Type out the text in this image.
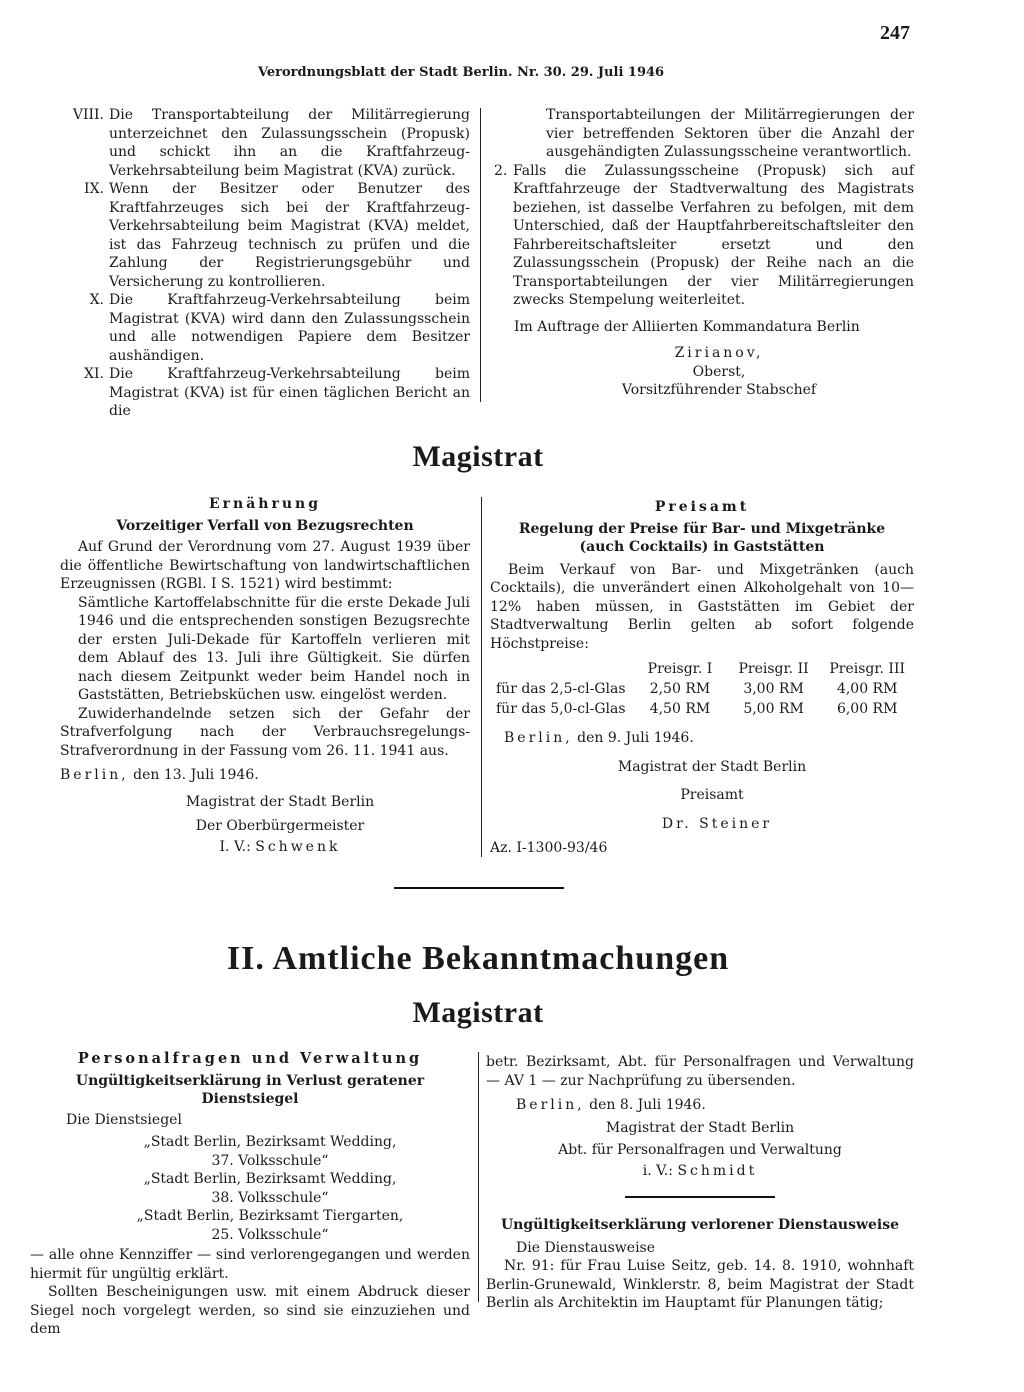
Verordnungsblatt der Stadt Berlin. Nr. 30. 29. Juli 1946
247
VIII. Die Transportabteilung der Militärregierung unterzeichnet den Zulassungsschein (Propusk) und schickt ihn an die Kraftfahrzeug-Verkehrsabteilung beim Magistrat (KVA) zurück.
IX. Wenn der Besitzer oder Benutzer des Kraftfahrzeuges sich bei der Kraftfahrzeug-Verkehrsabteilung beim Magistrat (KVA) meldet, ist das Fahrzeug technisch zu prüfen und die Zahlung der Registrierungsgebühr und Versicherung zu kontrollieren.
X. Die Kraftfahrzeug-Verkehrsabteilung beim Magistrat (KVA) wird dann den Zulassungsschein und alle notwendigen Papiere dem Besitzer aushändigen.
XI. Die Kraftfahrzeug-Verkehrsabteilung beim Magistrat (KVA) ist für einen täglichen Bericht an die

Transportabteilungen der Militärregierungen der vier betreffenden Sektoren über die Anzahl der ausgehändigten Zulassungsscheine verantwortlich.

2. Falls die Zulassungsscheine (Propusk) sich auf Kraftfahrzeuge der Stadtverwaltung des Magistrats beziehen, ist dasselbe Verfahren zu befolgen, mit dem Unterschied, daß der Hauptfahrbereitschaftsleiter den Fahrbereitschaftsleiter ersetzt und den Zulassungsschein (Propusk) der Reihe nach an die Transportabteilungen der vier Militärregierungen zwecks Stempelung weiterleitet.

Im Auftrage der Alliierten Kommandatura Berlin

Zirianov,

Oberst,

Vorsitzführender Stabschef

Magistrat

Ernährung

Vorzeitiger Verfall von Bezugsrechten

Auf Grund der Verordnung vom 27. August 1939 über die öffentliche Bewirtschaftung von landwirtschaftlichen Erzeugnissen (RGBl. I S. 1521) wird bestimmt:

Sämtliche Kartoffelabschnitte für die erste Dekade Juli 1946 und die entsprechenden sonstigen Bezugsrechte der ersten Juli-Dekade für Kartoffeln verlieren mit dem Ablauf des 13. Juli ihre Gültigkeit. Sie dürfen nach diesem Zeitpunkt weder beim Handel noch in Gaststätten, Betriebsküchen usw. eingelöst werden.

Zuwiderhandelnde setzen sich der Gefahr der Strafverfolgung nach der Verbrauchsregelungs-Strafverordnung in der Fassung vom 26. 11. 1941 aus.

Berlin, den 13. Juli 1946.

Magistrat der Stadt Berlin

Der Oberbürgermeister

I. V.: Schwenk

Preisamt

Regelung der Preise für Bar- und Mixgetränke (auch Cocktails) in Gaststätten

Beim Verkauf von Bar- und Mixgetränken (auch Cocktails), die unverändert einen Alkoholgehalt von 10—12% haben müssen, in Gaststätten im Gebiet der Stadtverwaltung Berlin gelten ab sofort folgende Höchstpreise:

	Preisgr. I	Preisgr. II	Preisgr. III
für das 2,5-cl-Glas	2,50 RM	3,00 RM	4,00 RM
für das 5,0-cl-Glas	4,50 RM	5,00 RM	6,00 RM

Berlin, den 9. Juli 1946.

Magistrat der Stadt Berlin

Preisamt

Dr. Steiner

Az. I-1300-93/46

II. Amtliche Bekanntmachungen
Magistrat

Personalfragen und Verwaltung

Ungültigkeitserklärung in Verlust geratener Dienstsiegel

Die Dienstsiegel

„Stadt Berlin, Bezirksamt Wedding,

37. Volksschule“

„Stadt Berlin, Bezirksamt Wedding,

38. Volksschule“

„Stadt Berlin, Bezirksamt Tiergarten,

25. Volksschule“

— alle ohne Kennziffer — sind verlorengegangen und werden hiermit für ungültig erklärt.

Sollten Bescheinigungen usw. mit einem Abdruck dieser Siegel noch vorgelegt werden, so sind sie einzuziehen und dem

betr. Bezirksamt, Abt. für Personalfragen und Verwaltung — AV 1 — zur Nachprüfung zu übersenden.

Berlin, den 8. Juli 1946.

Magistrat der Stadt Berlin

Abt. für Personalfragen und Verwaltung

i. V.: Schmidt

Ungültigkeitserklärung verlorener Dienstausweise

Die Dienstausweise

Nr. 91: für Frau Luise Seitz, geb. 14. 8. 1910, wohnhaft Berlin-Grunewald, Winklerstr. 8, beim Magistrat der Stadt Berlin als Architektin im Hauptamt für Planungen tätig;
